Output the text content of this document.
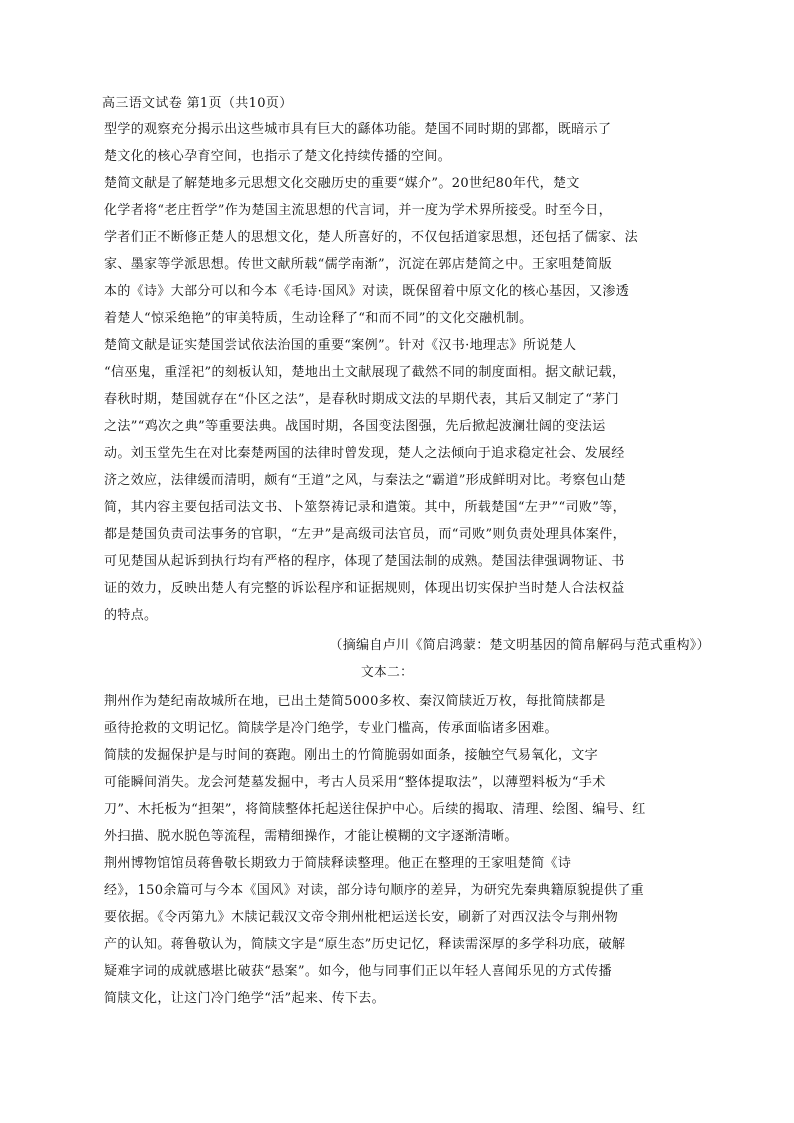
高三语文试卷 第1页（共10页）
型学的观察充分揭示出这些城市具有巨大的繇体功能。楚国不同时期的郢都，既暗示了
楚文化的核心孕育空间，也指示了楚文化持续传播的空间。
楚简文献是了解楚地多元思想文化交融历史的重要“媒介”。20世纪80年代，楚文
化学者将“老庄哲学”作为楚国主流思想的代言词，并一度为学术界所接受。时至今日，
学者们正不断修正楚人的思想文化，楚人所喜好的，不仅包括道家思想，还包括了儒家、法
家、墨家等学派思想。传世文献所载“儒学南渐”，沉淀在郭店楚简之中。王家咀楚简版
本的《诗》大部分可以和今本《毛诗·国风》对读，既保留着中原文化的核心基因，又渗透
着楚人“惊采绝艳”的审美特质，生动诠释了“和而不同”的文化交融机制。
楚简文献是证实楚国尝试依法治国的重要“案例”。针对《汉书·地理志》所说楚人
“信巫鬼，重淫祀”的刻板认知，楚地出土文献展现了截然不同的制度面相。据文献记载，
春秋时期，楚国就存在“仆区之法”，是春秋时期成文法的早期代表，其后又制定了“茅门
之法”“鸡次之典”等重要法典。战国时期，各国变法图强，先后掀起波澜壮阔的变法运
动。刘玉堂先生在对比秦楚两国的法律时曾发现，楚人之法倾向于追求稳定社会、发展经
济之效应，法律缓而清明，颇有“王道”之风，与秦法之“霸道”形成鲜明对比。考察包山楚
简，其内容主要包括司法文书、卜筮祭祷记录和遣策。其中，所载楚国“左尹”“司败”等，
都是楚国负责司法事务的官职，“左尹”是高级司法官员，而“司败”则负责处理具体案件，
可见楚国从起诉到执行均有严格的程序，体现了楚国法制的成熟。楚国法律强调物证、书
证的效力，反映出楚人有完整的诉讼程序和证据规则，体现出切实保护当时楚人合法权益
的特点。
（摘编自卢川《简启鸿蒙：楚文明基因的简帛解码与范式重构》）
文本二：
荆州作为楚纪南故城所在地，已出土楚简5000多枚、秦汉简牍近万枚，每批简牍都是
亟待抢救的文明记忆。简牍学是冷门绝学，专业门槛高，传承面临诸多困难。
简牍的发掘保护是与时间的赛跑。刚出土的竹简脆弱如面条，接触空气易氧化，文字
可能瞬间消失。龙会河楚墓发掘中，考古人员采用“整体提取法”，以薄塑料板为“手术
刀”、木托板为“担架”，将简牍整体托起送往保护中心。后续的揭取、清理、绘图、编号、红
外扫描、脱水脱色等流程，需精细操作，才能让模糊的文字逐渐清晰。
荆州博物馆馆员蒋鲁敬长期致力于简牍释读整理。他正在整理的王家咀楚简《诗
经》，150余篇可与今本《国风》对读，部分诗句顺序的差异，为研究先秦典籍原貌提供了重
要依据。《令丙第九》木牍记载汉文帝令荆州枇杷运送长安，刷新了对西汉法令与荆州物
产的认知。蒋鲁敬认为，简牍文字是“原生态”历史记忆，释读需深厚的多学科功底，破解
疑难字词的成就感堪比破获“悬案”。如今，他与同事们正以年轻人喜闻乐见的方式传播
简牍文化，让这门冷门绝学“活”起来、传下去。
